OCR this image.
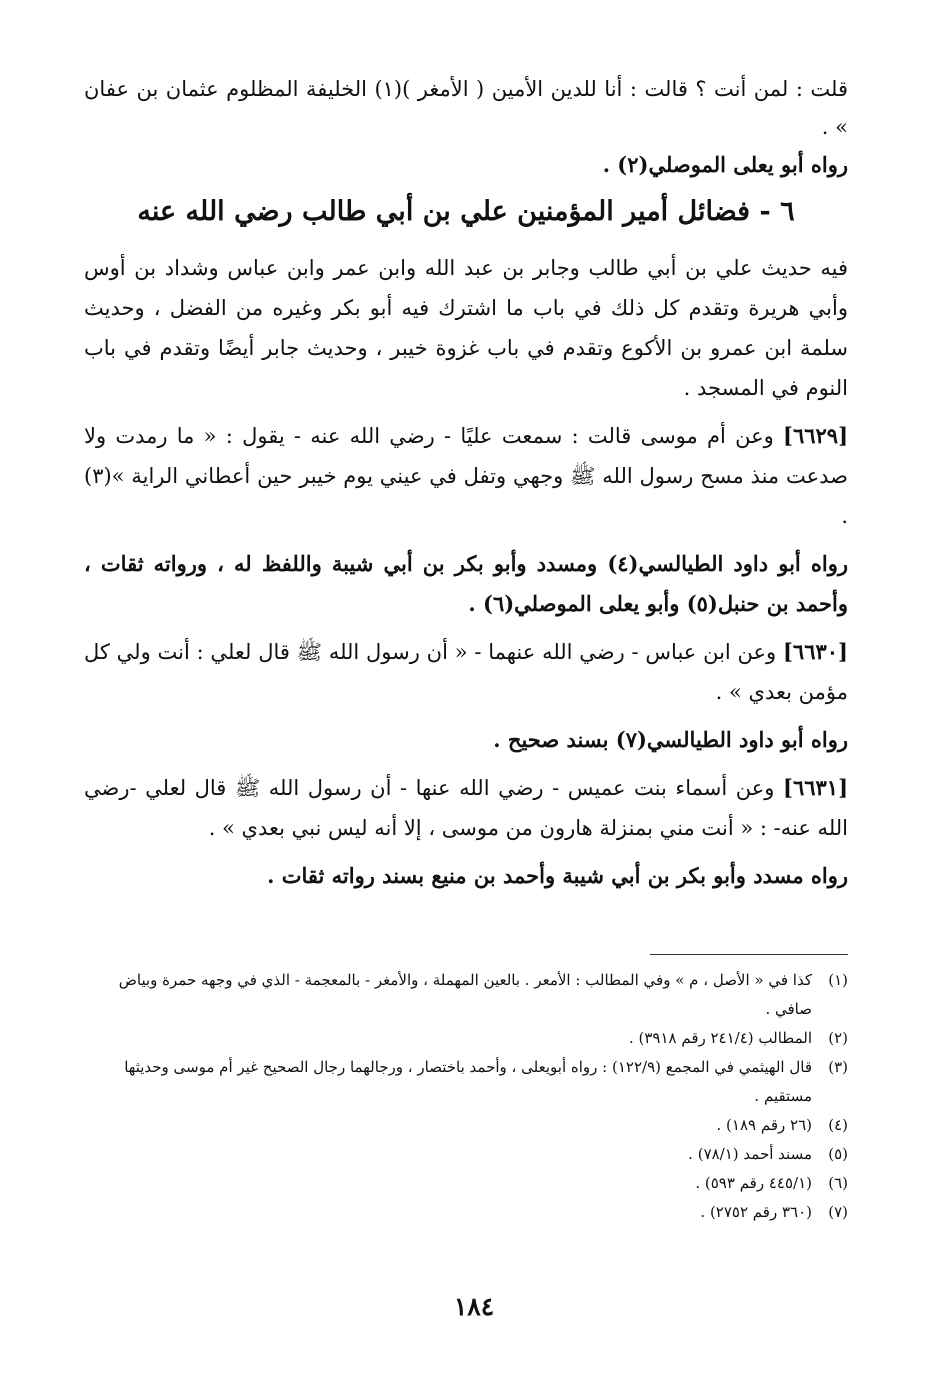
قلت : لمن أنت ؟ قالت : أنا للدين الأمين ( الأمغر )(١) الخليفة المظلوم عثمان بن عفان » .
رواه أبو يعلى الموصلي(٢) .
٦ - فضائل أمير المؤمنين علي بن أبي طالب رضي الله عنه
فيه حديث علي بن أبي طالب وجابر بن عبد الله وابن عمر وابن عباس وشداد بن أوس وأبي هريرة وتقدم كل ذلك في باب ما اشترك فيه أبو بكر وغيره من الفضل ، وحديث سلمة ابن عمرو بن الأكوع وتقدم في باب غزوة خيبر ، وحديث جابر أيضًا وتقدم في باب النوم في المسجد .
[٦٦٢٩] وعن أم موسى قالت : سمعت عليًا - رضي الله عنه - يقول : « ما رمدت ولا صدعت منذ مسح رسول الله ﷺ وجهي وتفل في عيني يوم خيبر حين أعطاني الراية »(٣) .
رواه أبو داود الطيالسي(٤) ومسدد وأبو بكر بن أبي شيبة واللفظ له ، ورواته ثقات ، وأحمد بن حنبل(٥) وأبو يعلى الموصلي(٦) .
[٦٦٣٠] وعن ابن عباس - رضي الله عنهما - « أن رسول الله ﷺ قال لعلي : أنت ولي كل مؤمن بعدي » .
رواه أبو داود الطيالسي(٧) بسند صحيح .
[٦٦٣١] وعن أسماء بنت عميس - رضي الله عنها - أن رسول الله ﷺ قال لعلي -رضي الله عنه- : « أنت مني بمنزلة هارون من موسى ، إلا أنه ليس نبي بعدي » .
رواه مسدد وأبو بكر بن أبي شيبة وأحمد بن منيع بسند رواته ثقات .
(١)
كذا في « الأصل ، م » وفي المطالب : الأمعر . بالعين المهملة ، والأمغر - بالمعجمة - الذي في وجهه حمرة وبياض صافي .
(٢)
المطالب (٢٤١/٤ رقم ٣٩١٨) .
(٣)
قال الهيثمي في المجمع (١٢٢/٩) : رواه أبويعلى ، وأحمد باختصار ، ورجالهما رجال الصحيح غير أم موسى وحديثها مستقيم .
(٤)
(٢٦ رقم ١٨٩) .
(٥)
مسند أحمد (٧٨/١) .
(٦)
(٤٤٥/١ رقم ٥٩٣) .
(٧)
(٣٦٠ رقم ٢٧٥٢) .
١٨٤
